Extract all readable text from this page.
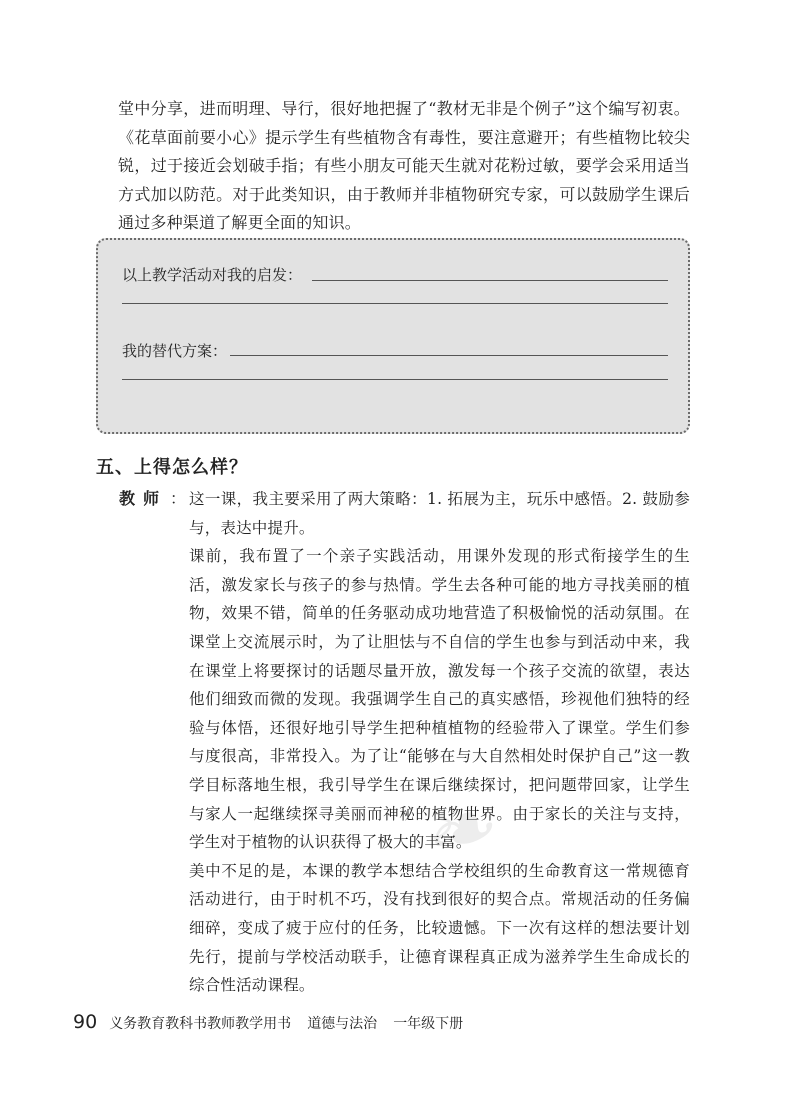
堂中分享，进而明理、导行，很好地把握了“教材无非是个例子”这个编写初衷。《花草面前要小心》提示学生有些植物含有毒性，要注意避开；有些植物比较尖锐，过于接近会划破手指；有些小朋友可能天生就对花粉过敏，要学会采用适当方式加以防范。对于此类知识，由于教师并非植物研究专家，可以鼓励学生课后通过多种渠道了解更全面的知识。

以上教学活动对我的启发：
我的替代方案：
五、上得怎么样？
教师 ： 这一课，我主要采用了两大策略：1. 拓展为主，玩乐中感悟。2. 鼓励参与，表达中提升。

课前，我布置了一个亲子实践活动，用课外发现的形式衔接学生的生活，激发家长与孩子的参与热情。学生去各种可能的地方寻找美丽的植物，效果不错，简单的任务驱动成功地营造了积极愉悦的活动氛围。在课堂上交流展示时，为了让胆怯与不自信的学生也参与到活动中来，我在课堂上将要探讨的话题尽量开放，激发每一个孩子交流的欲望，表达他们细致而微的发现。我强调学生自己的真实感悟，珍视他们独特的经验与体悟，还很好地引导学生把种植植物的经验带入了课堂。学生们参与度很高，非常投入。为了让“能够在与大自然相处时保护自己”这一教学目标落地生根，我引导学生在课后继续探讨，把问题带回家，让学生与家人一起继续探寻美丽而神秘的植物世界。由于家长的关注与支持，学生对于植物的认识获得了极大的丰富。

美中不足的是，本课的教学本想结合学校组织的生命教育这一常规德育活动进行，由于时机不巧，没有找到很好的契合点。常规活动的任务偏细碎，变成了疲于应付的任务，比较遗憾。下一次有这样的想法要计划先行，提前与学校活动联手，让德育课程真正成为滋养学生生命成长的综合性活动课程。

❧
90 义务教育教科书教师教学用书 道德与法治 一年级下册
